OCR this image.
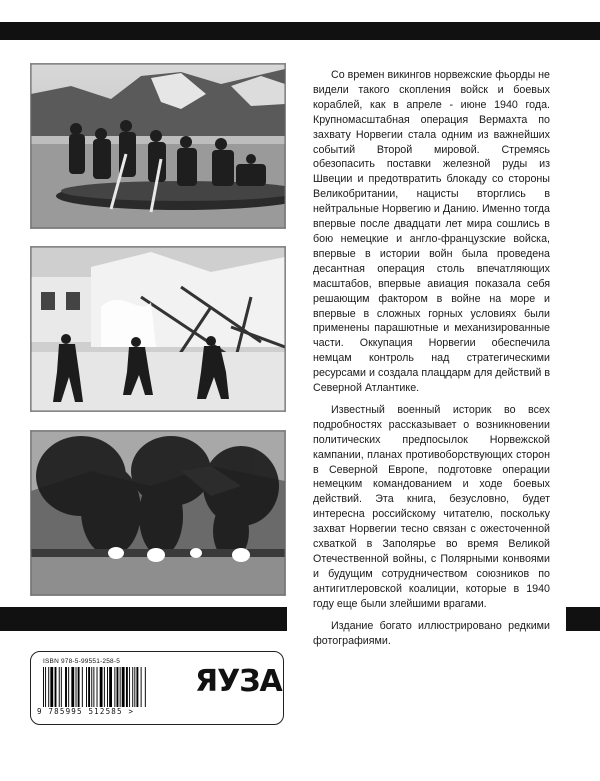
Со времен викингов норвежские фьорды не видели такого скопления войск и боевых кораблей, как в апреле - июне 1940 года. Крупномасштабная операция Вермахта по захвату Норвегии стала одним из важнейших событий Второй мировой. Стремясь обезопасить поставки железной руды из Швеции и предотвратить блокаду со стороны Великобритании, нацисты вторглись в нейтральные Норвегию и Данию. Именно тогда впервые после двадцати лет мира сошлись в бою немецкие и англо-французские войска, впервые в истории войн была проведена десантная операция столь впечатляющих масштабов, впервые авиация показала себя решающим фактором в войне на море и впервые в сложных горных условиях были применены парашютные и механизированные части. Оккупация Норвегии обеспечила немцам контроль над стратегическими ресурсами и создала плацдарм для действий в Северной Атлантике.

Известный военный историк во всех подробностях рассказывает о возникновении политических предпосылок Норвежской кампании, планах противоборствующих сторон в Северной Европе, подготовке операции немецким командованием и ходе боевых действий. Эта книга, безусловно, будет интересна российскому читателю, поскольку захват Норвегии тесно связан с ожесточенной схваткой в Заполярье во время Великой Отечественной войны, с Полярными конвоями и будущим сотрудничеством союзников по антигитлеровской коалиции, которые в 1940 году еще были злейшими врагами.

Издание богато иллюстрировано редкими фотографиями.

ISBN 978-5-99551-258-5
9 785995 512585 >
ЯУЗА
